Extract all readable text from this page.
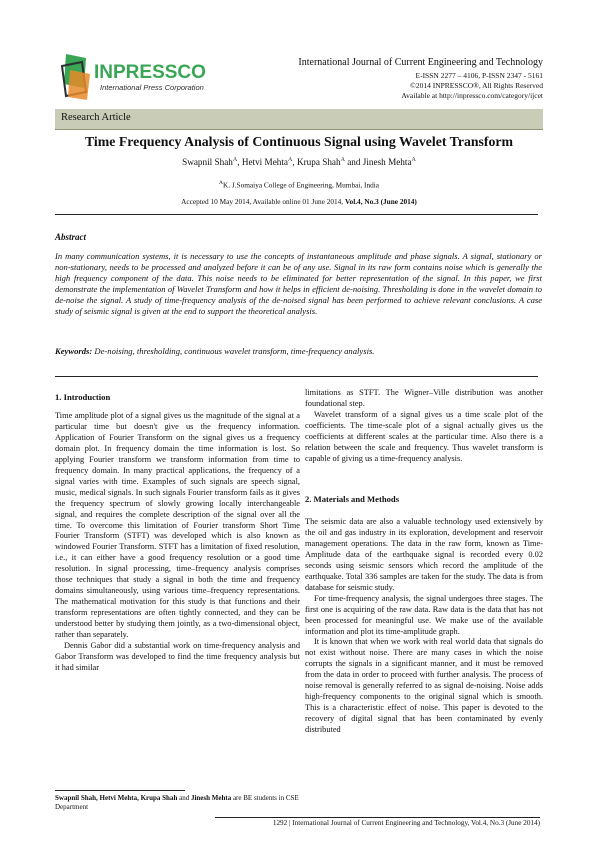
INPRESSCO
International Press Corporation
International Journal of Current Engineering and Technology
E-ISSN 2277 – 4106, P-ISSN 2347 - 5161
©2014 INPRESSCO®, All Rights Reserved
Available at http://inpressco.com/category/ijcet
Research Article
Time Frequency Analysis of Continuous Signal using Wavelet Transform
Swapnil Shah$^A$, Hetvi Mehta$^A$, Krupa Shah$^A$ and Jinesh Mehta$^A$
$^A$K. J.Somaiya College of Engineering, Mumbai, India
Accepted 10 May 2014, Available online 01 June 2014, Vol.4, No.3 (June 2014)
Abstract
In many communication systems, it is necessary to use the concepts of instantaneous amplitude and phase signals. A signal, stationary or non-stationary, needs to be processed and analyzed before it can be of any use. Signal in its raw form contains noise which is generally the high frequency component of the data. This noise needs to be eliminated for better representation of the signal. In this paper, we first demonstrate the implementation of Wavelet Transform and how it helps in efficient de-noising. Thresholding is done in the wavelet domain to de-noise the signal. A study of time-frequency analysis of the de-noised signal has been performed to achieve relevant conclusions. A case study of seismic signal is given at the end to support the theoretical analysis.
Keywords: De-noising, thresholding, continuous wavelet transform, time-frequency analysis.
1. Introduction

Time amplitude plot of a signal gives us the magnitude of the signal at a particular time but doesn't give us the frequency information. Application of Fourier Transform on the signal gives us a frequency domain plot. In frequency domain the time information is lost. So applying Fourier transform we transform information from time to frequency domain. In many practical applications, the frequency of a signal varies with time. Examples of such signals are speech signal, music, medical signals. In such signals Fourier transform fails as it gives the frequency spectrum of slowly growing locally interchangeable signal, and requires the complete description of the signal over all the time. To overcome this limitation of Fourier transform Short Time Fourier Transform (STFT) was developed which is also known as windowed Fourier Transform. STFT has a limitation of fixed resolution, i.e., it can either have a good frequency resolution or a good time resolution. In signal processing, time–frequency analysis comprises those techniques that study a signal in both the time and frequency domains simultaneously, using various time–frequency representations. The mathematical motivation for this study is that functions and their transform representations are often tightly connected, and they can be understood better by studying them jointly, as a two-dimensional object, rather than separately.

Dennis Gabor did a substantial work on time-frequency analysis and Gabor Transform was developed to find the time frequency analysis but it had similar

limitations as STFT. The Wigner–Ville distribution was another foundational step.

Wavelet transform of a signal gives us a time scale plot of the coefficients. The time-scale plot of a signal actually gives us the coefficients at different scales at the particular time. Also there is a relation between the scale and frequency. Thus wavelet transform is capable of giving us a time-frequency analysis.

2. Materials and Methods

The seismic data are also a valuable technology used extensively by the oil and gas industry in its exploration, development and reservoir management operations. The data in the raw form, known as Time-Amplitude data of the earthquake signal is recorded every 0.02 seconds using seismic sensors which record the amplitude of the earthquake. Total 336 samples are taken for the study. The data is from database for seismic study.

For time-frequency analysis, the signal undergoes three stages. The first one is acquiring of the raw data. Raw data is the data that has not been processed for meaningful use. We make use of the available information and plot its time-amplitude graph.

It is known that when we work with real world data that signals do not exist without noise. There are many cases in which the noise corrupts the signals in a significant manner, and it must be removed from the data in order to proceed with further analysis. The process of noise removal is generally referred to as signal de-noising. Noise adds high-frequency components to the original signal which is smooth. This is a characteristic effect of noise. This paper is devoted to the recovery of digital signal that has been contaminated by evenly distributed

Swapnil Shah, Hetvi Mehta, Krupa Shah and Jinesh Mehta are BE students in CSE Department
1292 | International Journal of Current Engineering and Technology, Vol.4, No.3 (June 2014)
